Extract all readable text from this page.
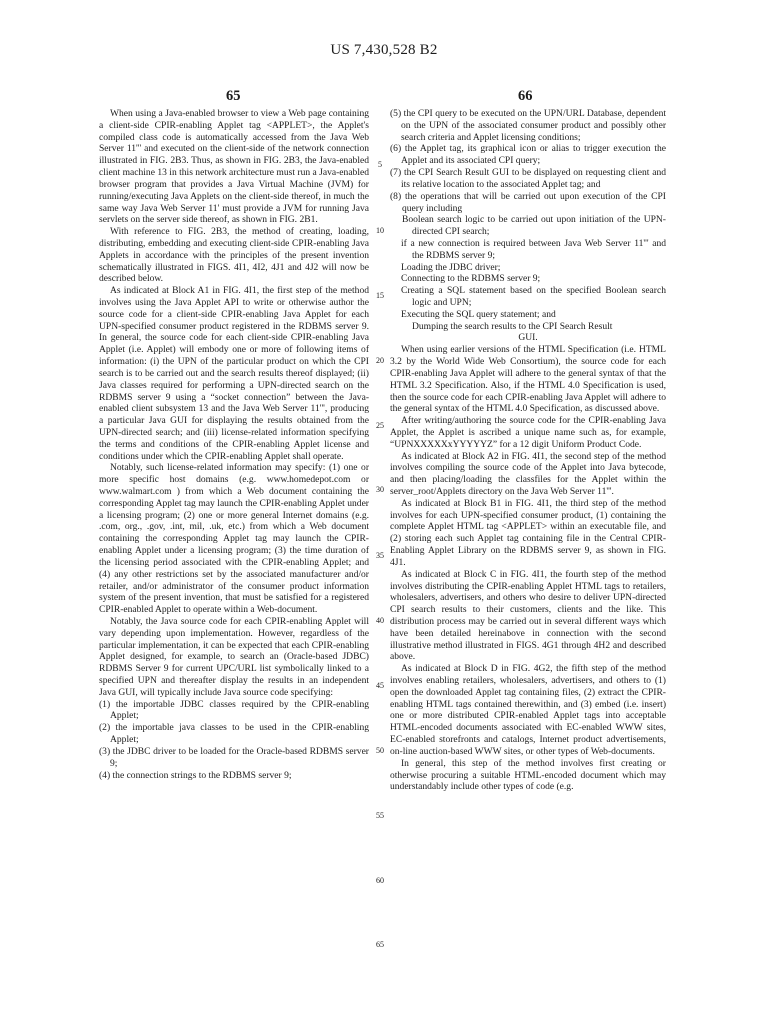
US 7,430,528 B2
65	66

When using a Java-enabled browser to view a Web page containing a client-side CPIR-enabling Applet tag <APPLET>, the Applet's compiled class code is automatically accessed from the Java Web Server 11''' and executed on the client-side of the network connection illustrated in FIG. 2B3. Thus, as shown in FIG. 2B3, the Java-enabled client machine 13 in this network architecture must run a Java-enabled browser program that provides a Java Virtual Machine (JVM) for running/executing Java Applets on the client-side thereof, in much the same way Java Web Server 11' must provide a JVM for running Java servlets on the server side thereof, as shown in FIG. 2B1.

With reference to FIG. 2B3, the method of creating, loading, distributing, embedding and executing client-side CPIR-enabling Java Applets in accordance with the principles of the present invention schematically illustrated in FIGS. 4I1, 4I2, 4J1 and 4J2 will now be described below.

As indicated at Block A1 in FIG. 4I1, the first step of the method involves using the Java Applet API to write or otherwise author the source code for a client-side CPIR-enabling Java Applet for each UPN-specified consumer product registered in the RDBMS server 9. In general, the source code for each client-side CPIR-enabling Java Applet (i.e. Applet) will embody one or more of following items of information: (i) the UPN of the particular product on which the CPI search is to be carried out and the search results thereof displayed; (ii) Java classes required for performing a UPN-directed search on the RDBMS server 9 using a “socket connection” between the Java-enabled client subsystem 13 and the Java Web Server 11''', producing a particular Java GUI for displaying the results obtained from the UPN-directed search; and (iii) license-related information specifying the terms and conditions of the CPIR-enabling Applet license and conditions under which the CPIR-enabling Applet shall operate.

Notably, such license-related information may specify: (1) one or more specific host domains (e.g. www.homedepot.com or www.walmart.com ) from which a Web document containing the corresponding Applet tag may launch the CPIR-enabling Applet under a licensing program; (2) one or more general Internet domains (e.g. .com, org., .gov, .int, mil, .uk, etc.) from which a Web document containing the corresponding Applet tag may launch the CPIR-enabling Applet under a licensing program; (3) the time duration of the licensing period associated with the CPIR-enabling Applet; and (4) any other restrictions set by the associated manufacturer and/or retailer, and/or administrator of the consumer product information system of the present invention, that must be satisfied for a registered CPIR-enabled Applet to operate within a Web-document.

Notably, the Java source code for each CPIR-enabling Applet will vary depending upon implementation. However, regardless of the particular implementation, it can be expected that each CPIR-enabling Applet designed, for example, to search an (Oracle-based JDBC) RDBMS Server 9 for current UPC/URL list symbolically linked to a specified UPN and thereafter display the results in an independent Java GUI, will typically include Java source code specifying:

(1) the importable JDBC classes required by the CPIR-enabling Applet;

(2) the importable java classes to be used in the CPIR-enabling Applet;

(3) the JDBC driver to be loaded for the Oracle-based RDBMS server 9;

(4) the connection strings to the RDBMS server 9;

5
10
15
20
25
30
35
40
45
50
55
60
65

(5) the CPI query to be executed on the UPN/URL Database, dependent on the UPN of the associated consumer product and possibly other search criteria and Applet licensing conditions;

(6) the Applet tag, its graphical icon or alias to trigger execution the Applet and its associated CPI query;

(7) the CPI Search Result GUI to be displayed on requesting client and its relative location to the associated Applet tag; and

(8) the operations that will be carried out upon execution of the CPI query including

Boolean search logic to be carried out upon initiation of the UPN-directed CPI search;

if a new connection is required between Java Web Server 11''' and the RDBMS server 9;

Loading the JDBC driver;

Connecting to the RDBMS server 9;

Creating a SQL statement based on the specified Boolean search logic and UPN;

Executing the SQL query statement; and

Dumping the search results to the CPI Search Result

GUI.

When using earlier versions of the HTML Specification (i.e. HTML 3.2 by the World Wide Web Consortium), the source code for each CPIR-enabling Java Applet will adhere to the general syntax of that the HTML 3.2 Specification. Also, if the HTML 4.0 Specification is used, then the source code for each CPIR-enabling Java Applet will adhere to the general syntax of the HTML 4.0 Specification, as discussed above.

After writing/authoring the source code for the CPIR-enabling Java Applet, the Applet is ascribed a unique name such as, for example, “UPNXXXXXxYYYYYZ” for a 12 digit Uniform Product Code.

As indicated at Block A2 in FIG. 4I1, the second step of the method involves compiling the source code of the Applet into Java bytecode, and then placing/loading the classfiles for the Applet within the server_root/Applets directory on the Java Web Server 11'''.

As indicated at Block B1 in FIG. 4I1, the third step of the method involves for each UPN-specified consumer product, (1) containing the complete Applet HTML tag <APPLET> within an executable file, and (2) storing each such Applet tag containing file in the Central CPIR-Enabling Applet Library on the RDBMS server 9, as shown in FIG. 4J1.

As indicated at Block C in FIG. 4I1, the fourth step of the method involves distributing the CPIR-enabling Applet HTML tags to retailers, wholesalers, advertisers, and others who desire to deliver UPN-directed CPI search results to their customers, clients and the like. This distribution process may be carried out in several different ways which have been detailed hereinabove in connection with the second illustrative method illustrated in FIGS. 4G1 through 4H2 and described above.

As indicated at Block D in FIG. 4G2, the fifth step of the method involves enabling retailers, wholesalers, advertisers, and others to (1) open the downloaded Applet tag containing files, (2) extract the CPIR-enabling HTML tags contained therewithin, and (3) embed (i.e. insert) one or more distributed CPIR-enabled Applet tags into acceptable HTML-encoded documents associated with EC-enabled WWW sites, EC-enabled storefronts and catalogs, Internet product advertisements, on-line auction-based WWW sites, or other types of Web-documents.

In general, this step of the method involves first creating or otherwise procuring a suitable HTML-encoded document which may understandably include other types of code (e.g.
